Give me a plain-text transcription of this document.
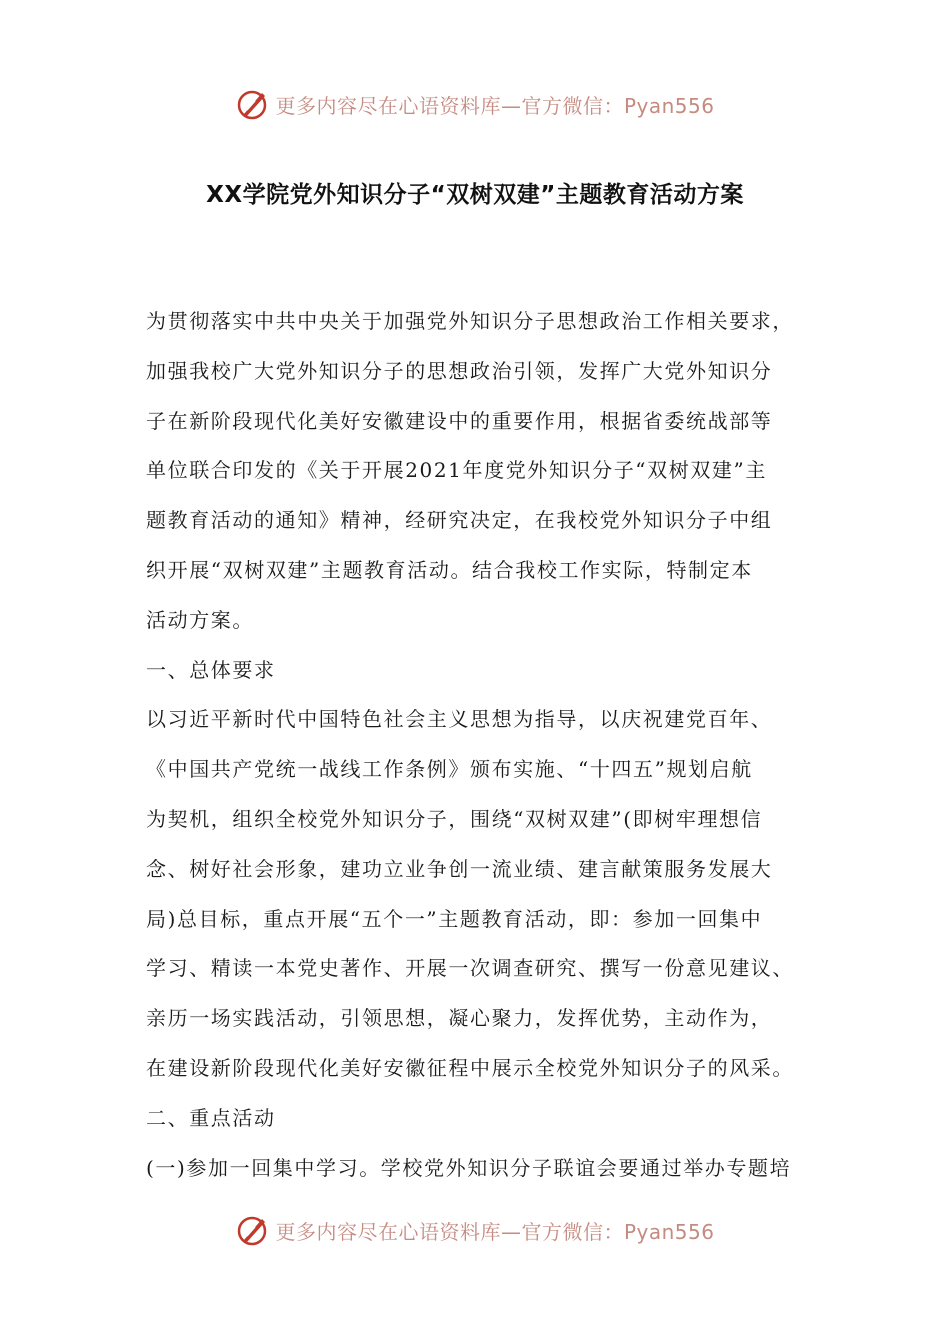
更多内容尽在心语资料库—官方微信：Pyan556
XX学院党外知识分子“双树双建”主题教育活动方案
为贯彻落实中共中央关于加强党外知识分子思想政治工作相关要求，
加强我校广大党外知识分子的思想政治引领，发挥广大党外知识分
子在新阶段现代化美好安徽建设中的重要作用，根据省委统战部等
单位联合印发的《关于开展2021年度党外知识分子“双树双建”主
题教育活动的通知》精神，经研究决定，在我校党外知识分子中组
织开展“双树双建”主题教育活动。结合我校工作实际，特制定本
活动方案。
一、总体要求
以习近平新时代中国特色社会主义思想为指导，以庆祝建党百年、
《中国共产党统一战线工作条例》颁布实施、“十四五”规划启航
为契机，组织全校党外知识分子，围绕“双树双建”(即树牢理想信
念、树好社会形象，建功立业争创一流业绩、建言献策服务发展大
局)总目标，重点开展“五个一”主题教育活动，即：参加一回集中
学习、精读一本党史著作、开展一次调查研究、撰写一份意见建议、
亲历一场实践活动，引领思想，凝心聚力，发挥优势，主动作为，
在建设新阶段现代化美好安徽征程中展示全校党外知识分子的风采。
二、重点活动
(一)参加一回集中学习。学校党外知识分子联谊会要通过举办专题培
更多内容尽在心语资料库—官方微信：Pyan556
